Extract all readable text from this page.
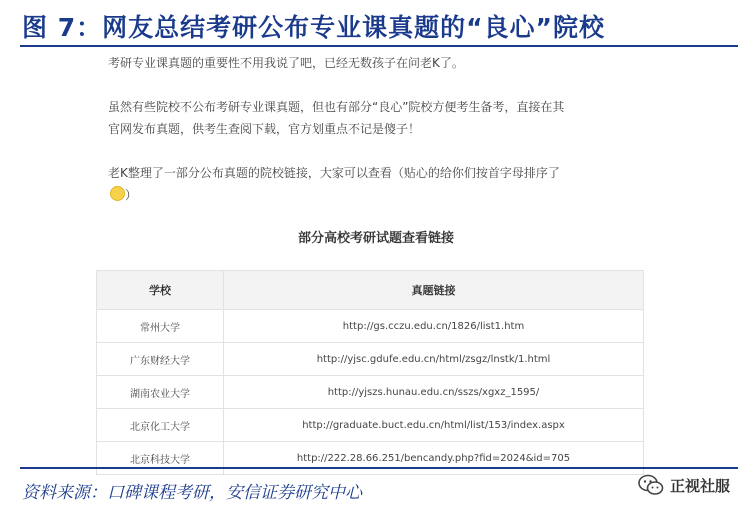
图 7：网友总结考研公布专业课真题的“良心”院校
考研专业课真题的重要性不用我说了吧，已经无数孩子在问老K了。
虽然有些院校不公布考研专业课真题，但也有部分“良心”院校方便考生备考，直接在其
官网发布真题，供考生查阅下载，官方划重点不记是傻子！
老K整理了一部分公布真题的院校链接，大家可以查看（贴心的给你们按首字母排序了
）
部分高校考研试题查看链接
学校	真题链接
常州大学	http://gs.cczu.edu.cn/1826/list1.htm
广东财经大学	http://yjsc.gdufe.edu.cn/html/zsgz/lnstk/1.html
湖南农业大学	http://yjszs.hunau.edu.cn/sszs/xgxz_1595/
北京化工大学	http://graduate.buct.edu.cn/html/list/153/index.aspx
北京科技大学	http://222.28.66.251/bencandy.php?fid=2024&id=705
资料来源：口碑课程考研，安信证券研究中心	正视社服
